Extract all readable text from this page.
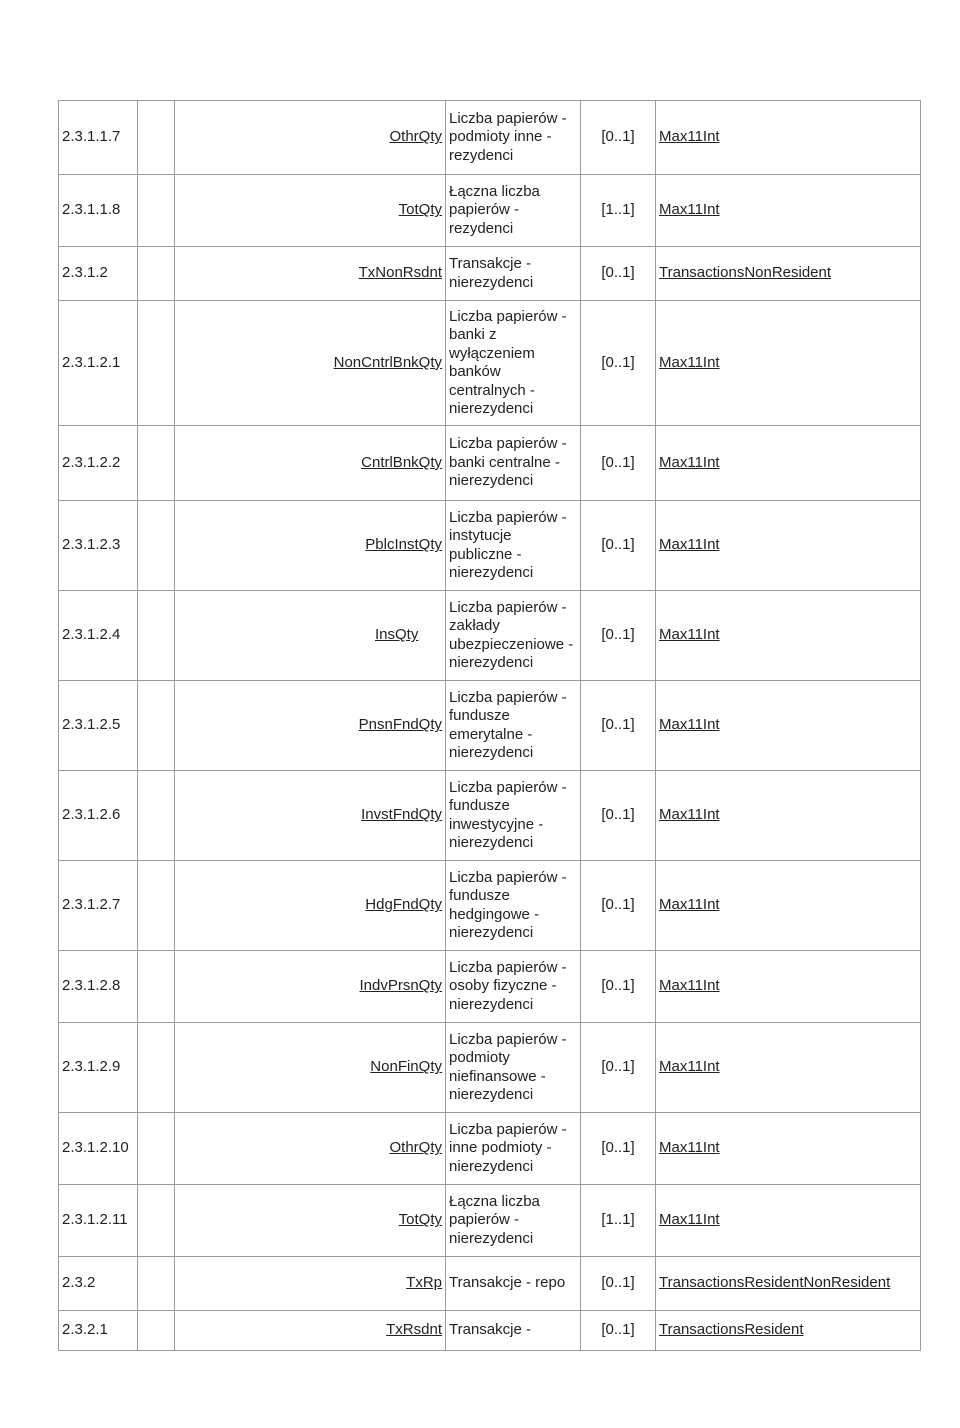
2.3.1.1.7		OthrQty	Liczba papierów - podmioty inne - rezydenci	[0..1]	Max11Int
2.3.1.1.8		TotQty	Łączna liczba papierów - rezydenci	[1..1]	Max11Int
2.3.1.2		TxNonRsdnt	Transakcje - nierezydenci	[0..1]	TransactionsNonResident
2.3.1.2.1		NonCntrlBnkQty	Liczba papierów - banki z wyłączeniem banków centralnych - nierezydenci	[0..1]	Max11Int
2.3.1.2.2		CntrlBnkQty	Liczba papierów - banki centralne - nierezydenci	[0..1]	Max11Int
2.3.1.2.3		PblcInstQty	Liczba papierów - instytucje publiczne - nierezydenci	[0..1]	Max11Int
2.3.1.2.4		InsQty	Liczba papierów - zakłady ubezpieczeniowe - nierezydenci	[0..1]	Max11Int
2.3.1.2.5		PnsnFndQty	Liczba papierów - fundusze emerytalne - nierezydenci	[0..1]	Max11Int
2.3.1.2.6		InvstFndQty	Liczba papierów - fundusze inwestycyjne - nierezydenci	[0..1]	Max11Int
2.3.1.2.7		HdgFndQty	Liczba papierów - fundusze hedgingowe - nierezydenci	[0..1]	Max11Int
2.3.1.2.8		IndvPrsnQty	Liczba papierów - osoby fizyczne - nierezydenci	[0..1]	Max11Int
2.3.1.2.9		NonFinQty	Liczba papierów - podmioty niefinansowe - nierezydenci	[0..1]	Max11Int
2.3.1.2.10		OthrQty	Liczba papierów - inne podmioty - nierezydenci	[0..1]	Max11Int
2.3.1.2.11		TotQty	Łączna liczba papierów - nierezydenci	[1..1]	Max11Int
2.3.2		TxRp	Transakcje - repo	[0..1]	TransactionsResidentNonResident
2.3.2.1		TxRsdnt	Transakcje -	[0..1]	TransactionsResident
